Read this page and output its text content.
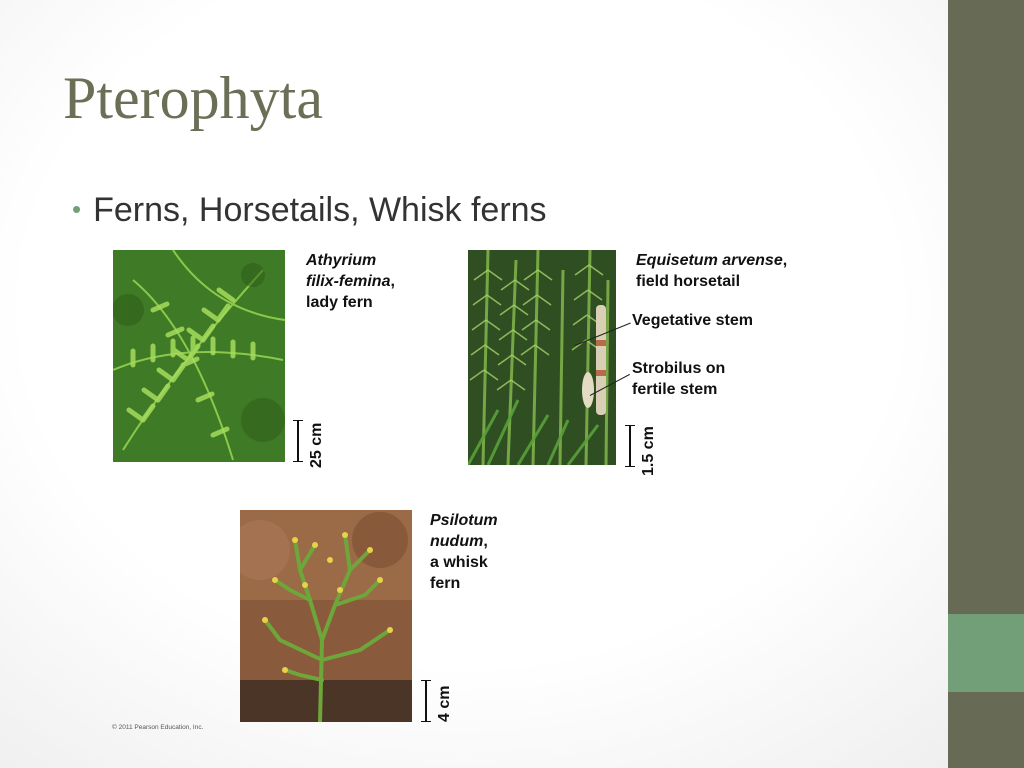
Pterophyta
• Ferns, Horsetails, Whisk ferns
Athyrium
filix-femina,
lady fern
25 cm
Equisetum arvense,
field horsetail
Vegetative stem
Strobilus on
fertile stem
1.5 cm
Psilotum
nudum,
a whisk
fern
4 cm
© 2011 Pearson Education, Inc.
